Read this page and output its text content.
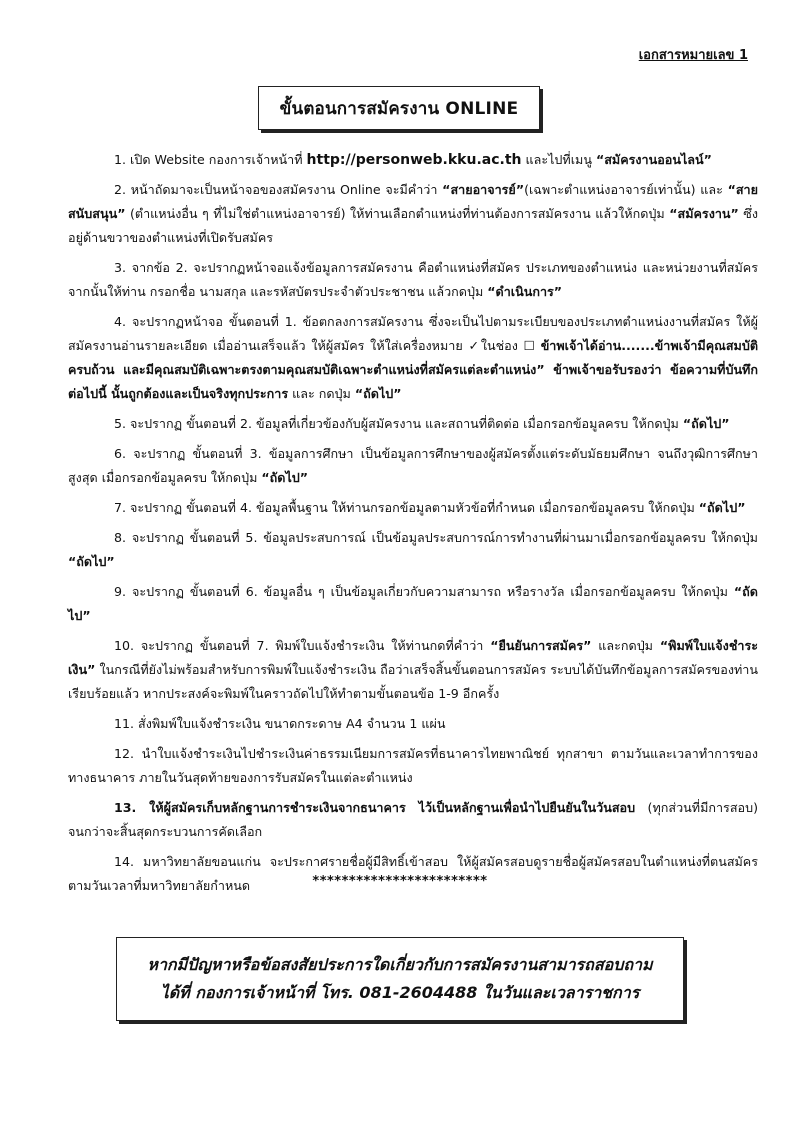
เอกสารหมายเลข 1
ขั้นตอนการสมัครงาน ONLINE

1. เปิด Website กองการเจ้าหน้าที่ http://personweb.kku.ac.th และไปที่เมนู “สมัครงานออนไลน์”

2. หน้าถัดมาจะเป็นหน้าจอของสมัครงาน Online จะมีคำว่า “สายอาจารย์”(เฉพาะตำแหน่งอาจารย์เท่านั้น) และ “สายสนับสนุน” (ตำแหน่งอื่น ๆ ที่ไม่ใช่ตำแหน่งอาจารย์) ให้ท่านเลือกตำแหน่งที่ท่านต้องการสมัครงาน แล้วให้กดปุ่ม “สมัครงาน” ซึ่งอยู่ด้านขวาของตำแหน่งที่เปิดรับสมัคร

3. จากข้อ 2. จะปรากฏหน้าจอแจ้งข้อมูลการสมัครงาน คือตำแหน่งที่สมัคร ประเภทของตำแหน่ง และหน่วยงานที่สมัคร จากนั้นให้ท่าน กรอกชื่อ นามสกุล และรหัสบัตรประจำตัวประชาชน แล้วกดปุ่ม “ดำเนินการ”

4. จะปรากฏหน้าจอ ขั้นตอนที่ 1. ข้อตกลงการสมัครงาน ซึ่งจะเป็นไปตามระเบียบของประเภทตำแหน่งงานที่สมัคร ให้ผู้สมัครงานอ่านรายละเอียด เมื่ออ่านเสร็จแล้ว ให้ผู้สมัคร ให้ใส่เครื่องหมาย ✓ในช่อง ☐ ข้าพเจ้าได้อ่าน.......ข้าพเจ้ามีคุณสมบัติครบถ้วน และมีคุณสมบัติเฉพาะตรงตามคุณสมบัติเฉพาะตำแหน่งที่สมัครแต่ละตำแหน่ง” ข้าพเจ้าขอรับรองว่า ข้อความที่บันทึกต่อไปนี้ นั้นถูกต้องและเป็นจริงทุกประการ และ กดปุ่ม “ถัดไป”

5. จะปรากฏ ขั้นตอนที่ 2. ข้อมูลที่เกี่ยวข้องกับผู้สมัครงาน และสถานที่ติดต่อ เมื่อกรอกข้อมูลครบ ให้กดปุ่ม “ถัดไป”

6. จะปรากฏ ขั้นตอนที่ 3. ข้อมูลการศึกษา เป็นข้อมูลการศึกษาของผู้สมัครตั้งแต่ระดับมัธยมศึกษา จนถึงวุฒิการศึกษาสูงสุด เมื่อกรอกข้อมูลครบ ให้กดปุ่ม “ถัดไป”

7. จะปรากฏ ขั้นตอนที่ 4. ข้อมูลพื้นฐาน ให้ท่านกรอกข้อมูลตามหัวข้อที่กำหนด เมื่อกรอกข้อมูลครบ ให้กดปุ่ม “ถัดไป”

8. จะปรากฏ ขั้นตอนที่ 5. ข้อมูลประสบการณ์ เป็นข้อมูลประสบการณ์การทำงานที่ผ่านมาเมื่อกรอกข้อมูลครบ ให้กดปุ่ม “ถัดไป”

9. จะปรากฏ ขั้นตอนที่ 6. ข้อมูลอื่น ๆ เป็นข้อมูลเกี่ยวกับความสามารถ หรือรางวัล เมื่อกรอกข้อมูลครบ ให้กดปุ่ม “ถัดไป”

10. จะปรากฏ ขั้นตอนที่ 7. พิมพ์ใบแจ้งชำระเงิน ให้ท่านกดที่คำว่า “ยืนยันการสมัคร” และกดปุ่ม “พิมพ์ใบแจ้งชำระเงิน” ในกรณีที่ยังไม่พร้อมสำหรับการพิมพ์ใบแจ้งชำระเงิน ถือว่าเสร็จสิ้นขั้นตอนการสมัคร ระบบได้บันทึกข้อมูลการสมัครของท่านเรียบร้อยแล้ว หากประสงค์จะพิมพ์ในคราวถัดไปให้ทำตามขั้นตอนข้อ 1-9 อีกครั้ง

11. สั่งพิมพ์ใบแจ้งชำระเงิน ขนาดกระดาษ A4 จำนวน 1 แผ่น

12. นำใบแจ้งชำระเงินไปชำระเงินค่าธรรมเนียมการสมัครที่ธนาคารไทยพาณิชย์ ทุกสาขา ตามวันและเวลาทำการของทางธนาคาร ภายในวันสุดท้ายของการรับสมัครในแต่ละตำแหน่ง

13. ให้ผู้สมัครเก็บหลักฐานการชำระเงินจากธนาคาร ไว้เป็นหลักฐานเพื่อนำไปยืนยันในวันสอบ (ทุกส่วนที่มีการสอบ) จนกว่าจะสิ้นสุดกระบวนการคัดเลือก

14. มหาวิทยาลัยขอนแก่น จะประกาศรายชื่อผู้มีสิทธิ์เข้าสอบ ให้ผู้สมัครสอบดูรายชื่อผู้สมัครสอบในตำแหน่งที่ตนสมัคร ตามวันเวลาที่มหาวิทยาลัยกำหนด	************************
หากมีปัญหาหรือข้อสงสัยประการใดเกี่ยวกับการสมัครงานสามารถสอบถาม
ได้ที่ กองการเจ้าหน้าที่ โทร. 081-2604488 ในวันและเวลาราชการ
